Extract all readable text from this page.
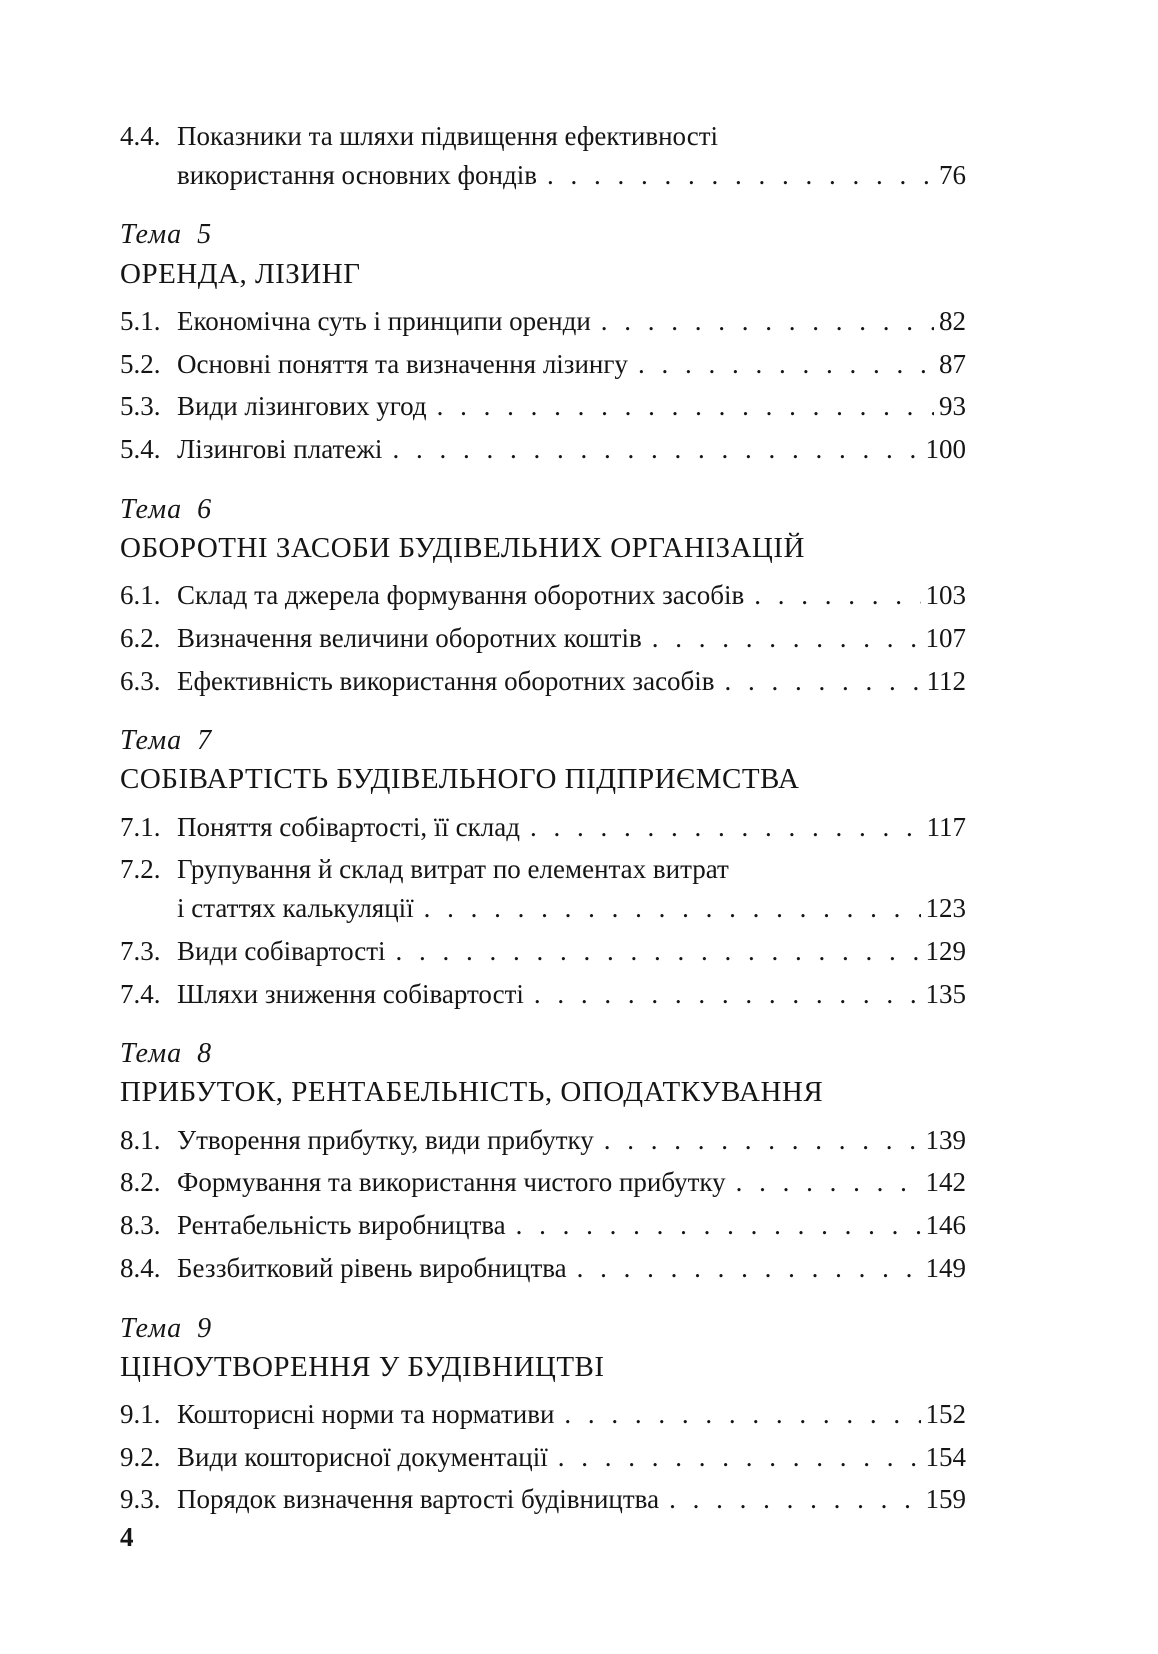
4.4. Показники та шляхи підвищення ефективності
використання основних фондів . . .	76
Тема 5
ОРЕНДА, ЛІЗИНГ
5.1. Економічна суть і принципи оренди . . .	82
5.2. Основні поняття та визначення лізингу . . .	87
5.3. Види лізингових угод . . .	93
5.4. Лізингові платежі . . .	100
Тема 6
ОБОРОТНІ ЗАСОБИ БУДІВЕЛЬНИХ ОРГАНІЗАЦІЙ
6.1. Склад та джерела формування оборотних засобів . . .	103
6.2. Визначення величини оборотних коштів . . .	107
6.3. Ефективність використання оборотних засобів . . .	112
Тема 7
СОБІВАРТІСТЬ БУДІВЕЛЬНОГО ПІДПРИЄМСТВА
7.1. Поняття собівартості, її склад . . .	117
7.2. Групування й склад витрат по елементах витрат
і статтях калькуляції . . .	123
7.3. Види собівартості . . .	129
7.4. Шляхи зниження собівартості . . .	135
Тема 8
ПРИБУТОК, РЕНТАБЕЛЬНІСТЬ, ОПОДАТКУВАННЯ
8.1. Утворення прибутку, види прибутку . . .	139
8.2. Формування та використання чистого прибутку . . .	142
8.3. Рентабельність виробництва . . .	146
8.4. Беззбитковий рівень виробництва . . .	149
Тема 9
ЦІНОУТВОРЕННЯ У БУДІВНИЦТВІ
9.1. Кошторисні норми та нормативи . . .	152
9.2. Види кошторисної документації . . .	154
9.3. Порядок визначення вартості будівництва . . .	159
4
